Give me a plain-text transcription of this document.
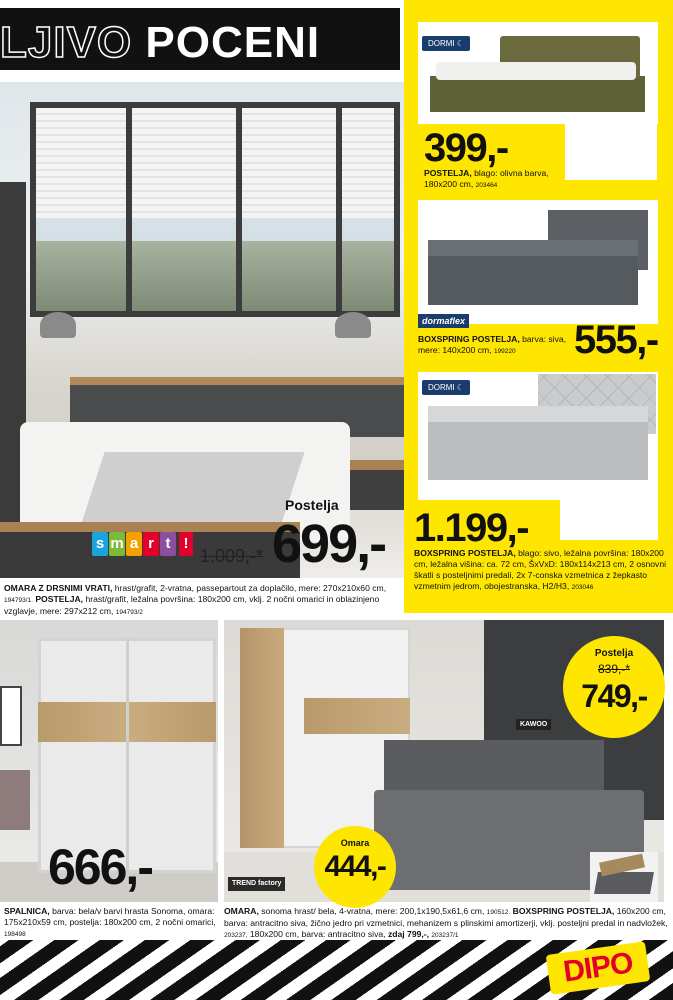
LJIVO POCENI
s m a r t !
Postelja
1.009,-* 699,-
OMARA Z DRSNIMI VRATI, hrast/grafit, 2-vratna, passepartout za doplačilo, mere: 270x210x60 cm, 194793/1. POSTELJA, hrast/grafit, ležalna površina: 180x200 cm, vklj. 2 nočni omarici in oblazinjeno vzglavje, mere: 297x212 cm, 194793/2
DORMI ☾
399,-
POSTELJA, blago: olivna barva, 180x200 cm, 203464
dormaflex	555,-
BOXSPRING POSTELJA, barva: siva, mere: 140x200 cm, 199220
DORMI ☾
1.199,-
BOXSPRING POSTELJA, blago: sivo, ležalna površina: 180x200 cm, ležalna višina: ca. 72 cm, ŠxVxD: 180x114x213 cm, 2 osnovni škatli s posteljnimi predali, 2x 7-conska vzmetnica z žepkasto vzmetnim jedrom, obojestranska, H2/H3, 203046
666,-
SPALNICA, barva: bela/v barvi hrasta Sonoma, omara: 175x210x59 cm, postelja: 180x200 cm, 2 nočni omarici, 198498
KAWOO
TREND factory
Postelja
839,-*
749,-
Omara
444,-
OMARA, sonoma hrast/ bela, 4-vratna, mere: 200,1x190,5x61,6 cm, 190512. BOXSPRING POSTELJA, 160x200 cm, barva: antracitno siva, žično jedro pri vzmetnici, mehanizem s plinskimi amortizerji, vklj. posteljni predal in nadvložek, 203237, 180x200 cm, barva: antracitno siva, zdaj 799,-, 203237/1
DIPO
